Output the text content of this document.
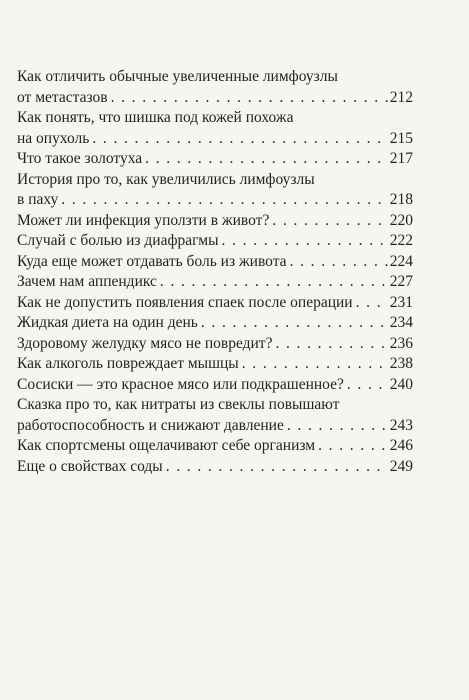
Как отличить обычные увеличенные лимфоузлы
от метастазов . . .	212
Как понять, что шишка под кожей похожа
на опухоль . . .	215
Что такое золотуха . . .	217
История про то, как увеличились лимфоузлы
в паху . . .	218
Может ли инфекция уползти в живот? . . .	220
Случай с болью из диафрагмы . . .	222
Куда еще может отдавать боль из живота . . .	224
Зачем нам аппендикс . . .	227
Как не допустить появления спаек после операции . . . 231
Жидкая диета на один день . . .	234
Здоровому желудку мясо не повредит? . . .	236
Как алкоголь повреждает мышцы . . .	238
Сосиски — это красное мясо или подкрашенное? . . .	240
Сказка про то, как нитраты из свеклы повышают
работоспособность и снижают давление . . .	243
Как спортсмены ощелачивают себе организм . . .	246
Еще о свойствах соды . . .	249
